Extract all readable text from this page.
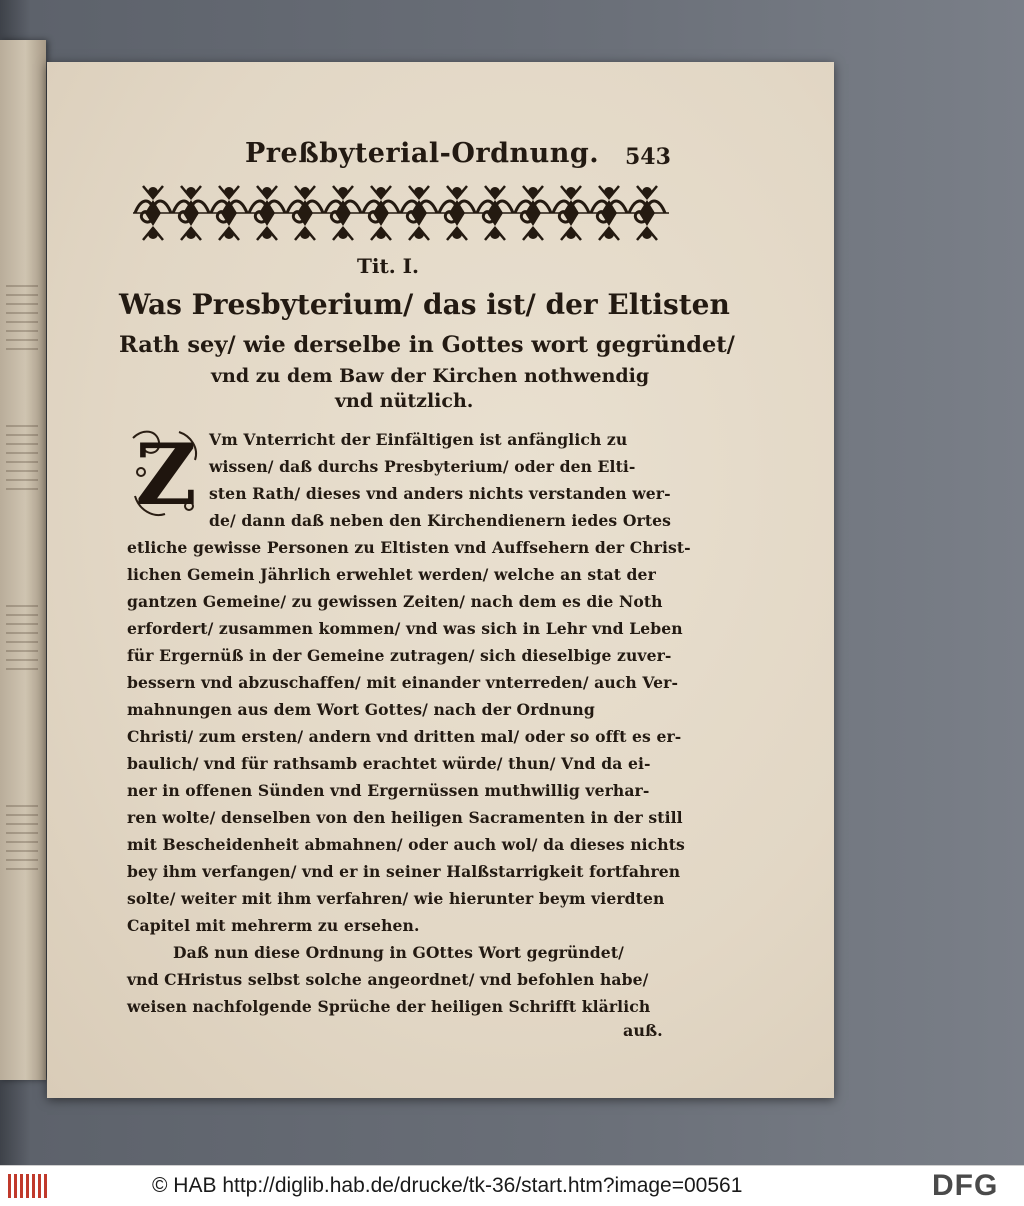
Preßbyterial-Ordnung.	543
Tit. I.
Was Presbyterium/ das ist/ der Eltisten
Rath sey/ wie derselbe in Gottes wort gegründet/
vnd zu dem Baw der Kirchen nothwendig
vnd nützlich.
Z Vm Vnterricht der Einfältigen ist anfänglich zu
wissen/ daß durchs Presbyterium/ oder den Elti-
sten Rath/ dieses vnd anders nichts verstanden wer-
de/ dann daß neben den Kirchendienern iedes Ortes
etliche gewisse Personen zu Eltisten vnd Auffsehern der Christ-
lichen Gemein Jährlich erwehlet werden/ welche an stat der
gantzen Gemeine/ zu gewissen Zeiten/ nach dem es die Noth
erfordert/ zusammen kommen/ vnd was sich in Lehr vnd Leben
für Ergernüß in der Gemeine zutragen/ sich dieselbige zuver-
bessern vnd abzuschaffen/ mit einander vnterreden/ auch Ver-
mahnungen aus dem Wort Gottes/ nach der Ordnung
Christi/ zum ersten/ andern vnd dritten mal/ oder so offt es er-
baulich/ vnd für rathsamb erachtet würde/ thun/ Vnd da ei-
ner in offenen Sünden vnd Ergernüssen muthwillig verhar-
ren wolte/ denselben von den heiligen Sacramenten in der still
mit Bescheidenheit abmahnen/ oder auch wol/ da dieses nichts
bey ihm verfangen/ vnd er in seiner Halßstarrigkeit fortfahren
solte/ weiter mit ihm verfahren/ wie hierunter beym vierdten
Capitel mit mehrerm zu ersehen.
Daß nun diese Ordnung in GOttes Wort gegründet/
vnd CHristus selbst solche angeordnet/ vnd befohlen habe/
weisen nachfolgende Sprüche der heiligen Schrifft klärlich
auß.
© HAB http://diglib.hab.de/drucke/tk-36/start.htm?image=00561	DFG
